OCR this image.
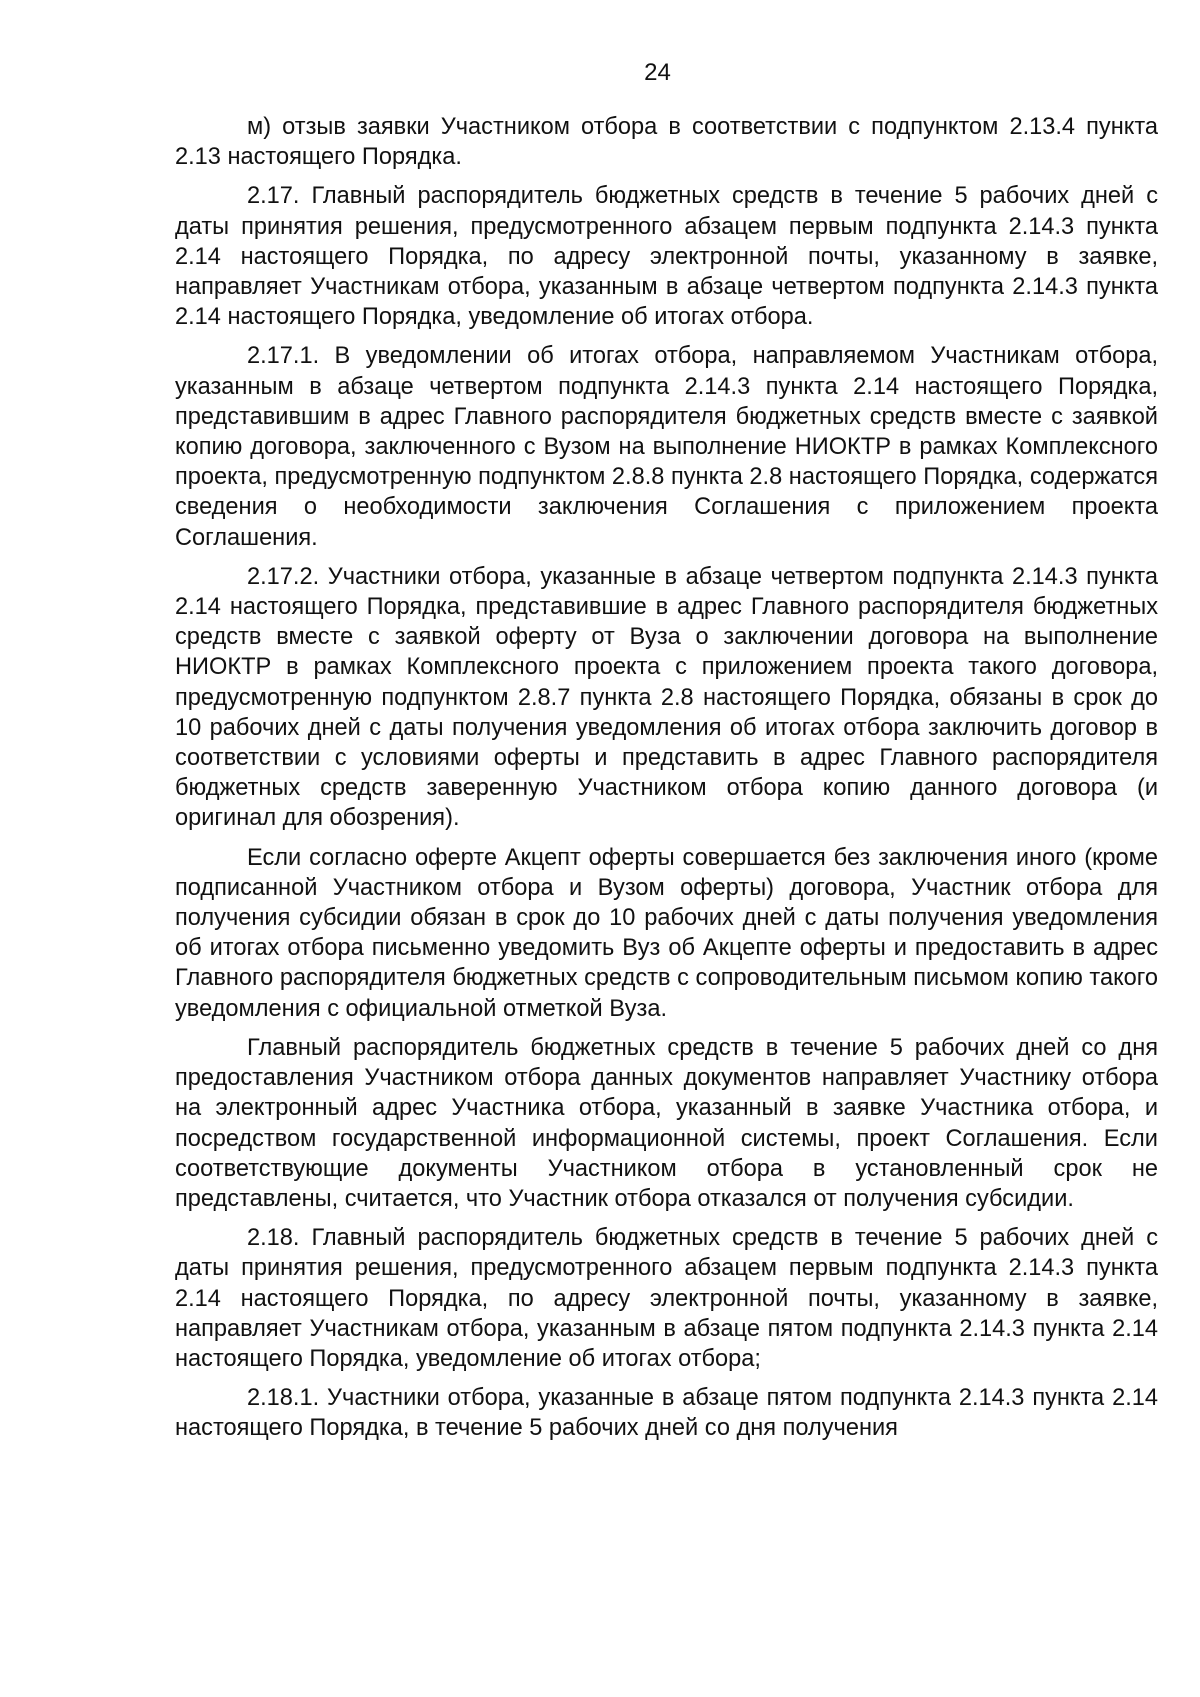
24

м) отзыв заявки Участником отбора в соответствии с подпунктом 2.13.4 пункта 2.13 настоящего Порядка.

2.17. Главный распорядитель бюджетных средств в течение 5 рабочих дней с даты принятия решения, предусмотренного абзацем первым подпункта 2.14.3 пункта 2.14 настоящего Порядка, по адресу электронной почты, указанному в заявке, направляет Участникам отбора, указанным в абзаце четвертом подпункта 2.14.3 пункта 2.14 настоящего Порядка, уведомление об итогах отбора.

2.17.1. В уведомлении об итогах отбора, направляемом Участникам отбора, указанным в абзаце четвертом подпункта 2.14.3 пункта 2.14 настоящего Порядка, представившим в адрес Главного распорядителя бюджетных средств вместе с заявкой копию договора, заключенного с Вузом на выполнение НИОКТР в рамках Комплексного проекта, предусмотренную подпунктом 2.8.8 пункта 2.8 настоящего Порядка, содержатся сведения о необходимости заключения Соглашения с приложением проекта Соглашения.

2.17.2. Участники отбора, указанные в абзаце четвертом подпункта 2.14.3 пункта 2.14 настоящего Порядка, представившие в адрес Главного распорядителя бюджетных средств вместе с заявкой оферту от Вуза о заключении договора на выполнение НИОКТР в рамках Комплексного проекта с приложением проекта такого договора, предусмотренную подпунктом 2.8.7 пункта 2.8 настоящего Порядка, обязаны в срок до 10 рабочих дней с даты получения уведомления об итогах отбора заключить договор в соответствии с условиями оферты и представить в адрес Главного распорядителя бюджетных средств заверенную Участником отбора копию данного договора (и оригинал для обозрения).

Если согласно оферте Акцепт оферты совершается без заключения иного (кроме подписанной Участником отбора и Вузом оферты) договора, Участник отбора для получения субсидии обязан в срок до 10 рабочих дней с даты получения уведомления об итогах отбора письменно уведомить Вуз об Акцепте оферты и предоставить в адрес Главного распорядителя бюджетных средств с сопроводительным письмом копию такого уведомления с официальной отметкой Вуза.

Главный распорядитель бюджетных средств в течение 5 рабочих дней со дня предоставления Участником отбора данных документов направляет Участнику отбора на электронный адрес Участника отбора, указанный в заявке Участника отбора, и посредством государственной информационной системы, проект Соглашения. Если соответствующие документы Участником отбора в установленный срок не представлены, считается, что Участник отбора отказался от получения субсидии.

2.18. Главный распорядитель бюджетных средств в течение 5 рабочих дней с даты принятия решения, предусмотренного абзацем первым подпункта 2.14.3 пункта 2.14 настоящего Порядка, по адресу электронной почты, указанному в заявке, направляет Участникам отбора, указанным в абзаце пятом подпункта 2.14.3 пункта 2.14 настоящего Порядка, уведомление об итогах отбора;

2.18.1. Участники отбора, указанные в абзаце пятом подпункта 2.14.3 пункта 2.14 настоящего Порядка, в течение 5 рабочих дней со дня получения
